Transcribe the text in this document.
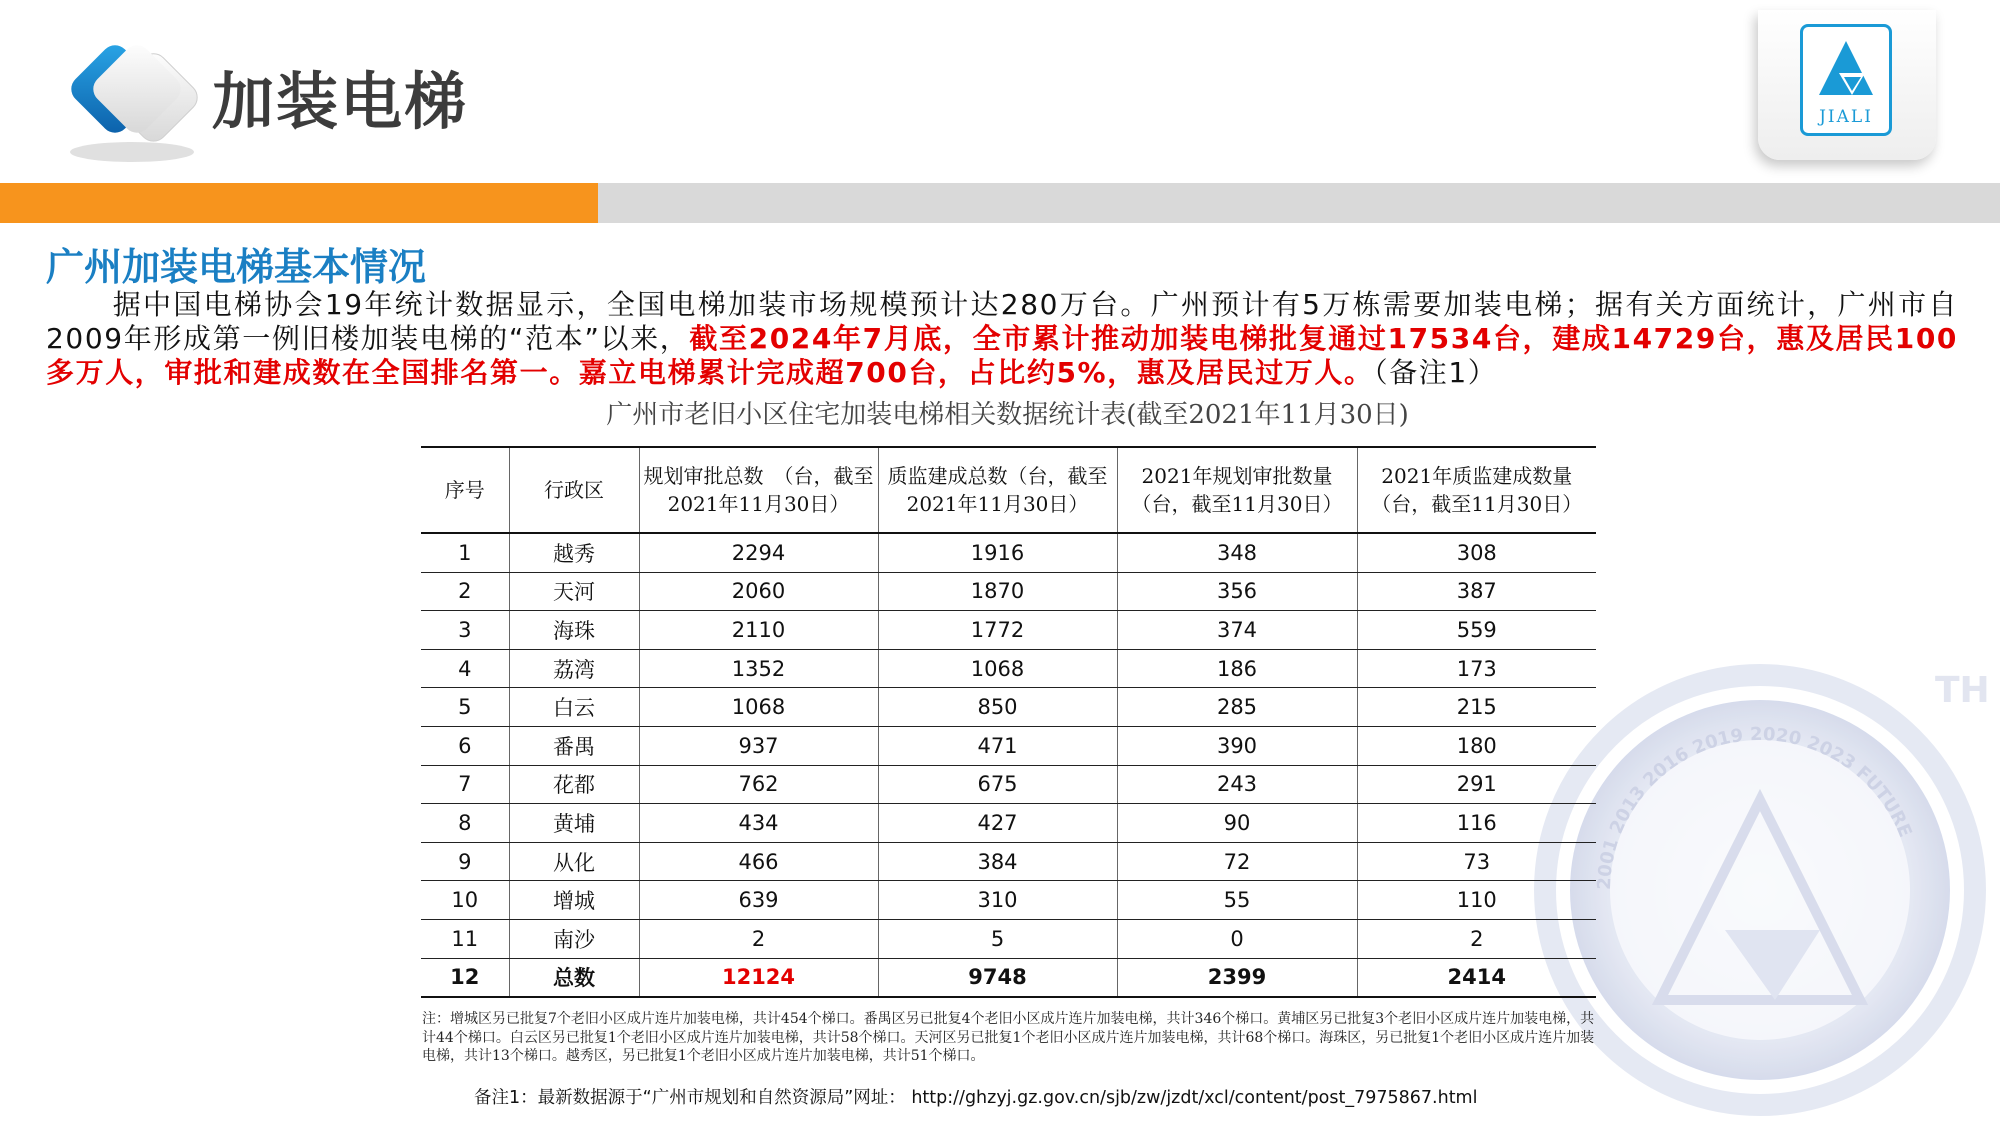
加装电梯	JIALI
2001 2013 2016 2019 2020 2023 FUTURE
TH
广州加装电梯基本情况

据中国电梯协会19年统计数据显示，全国电梯加装市场规模预计达280万台。广州预计有5万栋需要加装电梯；据有关方面统计，广州市自2009年形成第一例旧楼加装电梯的“范本”以来，截至2024年7月底，全市累计推动加装电梯批复通过17534台，建成14729台，惠及居民100多万人，审批和建成数在全国排名第一。嘉立电梯累计完成超700台，占比约5%，惠及居民过万人。（备注1）

广州市老旧小区住宅加装电梯相关数据统计表(截至2021年11月30日)

序号	行政区	规划审批总数　（台，截至2021年11月30日）	质监建成总数（台，截至2021年11月30日）	2021年规划审批数量（台，截至11月30日）	2021年质监建成数量（台，截至11月30日）
1	越秀	2294	1916	348	308
2	天河	2060	1870	356	387
3	海珠	2110	1772	374	559
4	荔湾	1352	1068	186	173
5	白云	1068	850	285	215
6	番禺	937	471	390	180
7	花都	762	675	243	291
8	黄埔	434	427	90	116
9	从化	466	384	72	73
10	增城	639	310	55	110
11	南沙	2	5	0	2
12	总数	12124	9748	2399	2414

注：增城区另已批复7个老旧小区成片连片加装电梯，共计454个梯口。番禺区另已批复4个老旧小区成片连片加装电梯，共计346个梯口。黄埔区另已批复3个老旧小区成片连片加装电梯，共计44个梯口。白云区另已批复1个老旧小区成片连片加装电梯，共计58个梯口。天河区另已批复1个老旧小区成片连片加装电梯，共计68个梯口。海珠区，另已批复1个老旧小区成片连片加装电梯，共计13个梯口。越秀区，另已批复1个老旧小区成片连片加装电梯，共计51个梯口。

备注1：最新数据源于“广州市规划和自然资源局”网址： http://ghzyj.gz.gov.cn/sjb/zw/jzdt/xcl/content/post_7975867.html
